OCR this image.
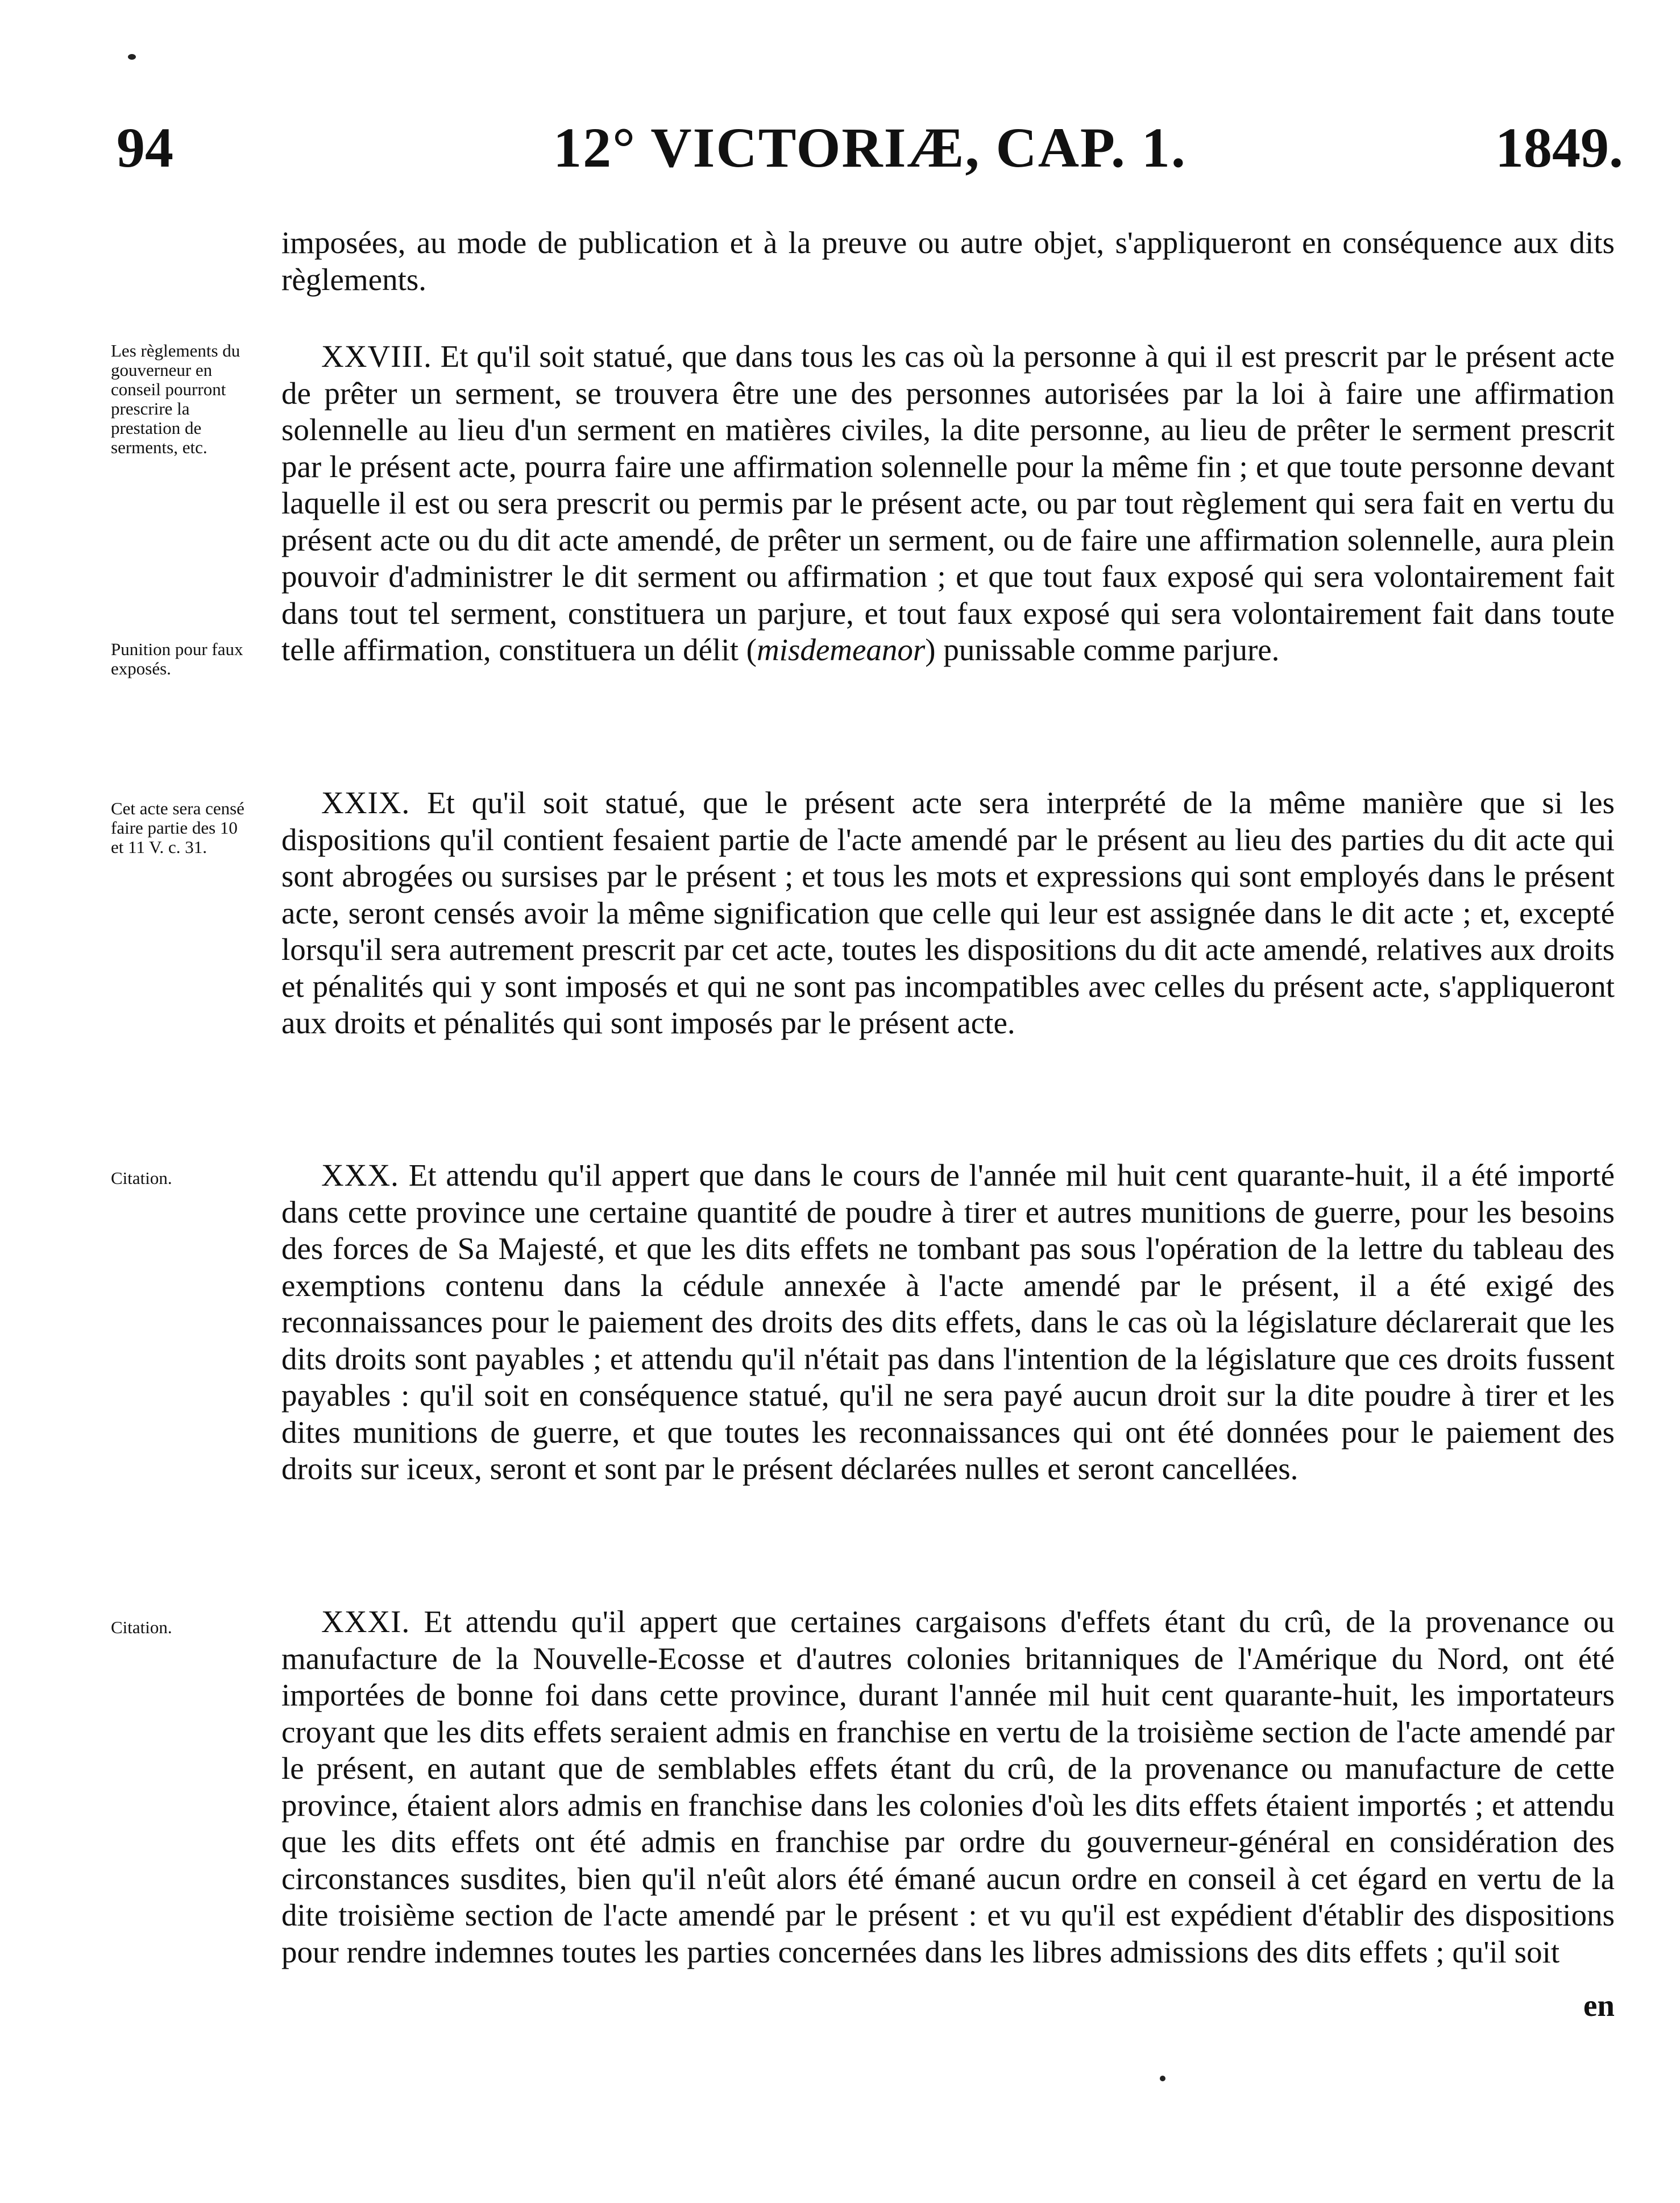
94	12° VICTORIÆ, CAP. 1.	1849.

imposées, au mode de publication et à la preuve ou autre objet, s'appliqueront en conséquence aux dits règlements.

Les règlements du gouverneur en conseil pourront prescrire la prestation de serments, etc.

Punition pour faux exposés.

XXVIII. Et qu'il soit statué, que dans tous les cas où la personne à qui il est prescrit par le présent acte de prêter un serment, se trouvera être une des personnes autorisées par la loi à faire une affirmation solennelle au lieu d'un serment en matières civiles, la dite personne, au lieu de prêter le serment prescrit par le présent acte, pourra faire une affirmation solennelle pour la même fin ; et que toute personne devant laquelle il est ou sera prescrit ou permis par le présent acte, ou par tout règlement qui sera fait en vertu du présent acte ou du dit acte amendé, de prêter un serment, ou de faire une affirmation solennelle, aura plein pouvoir d'administrer le dit serment ou affirmation ; et que tout faux exposé qui sera volontairement fait dans tout tel serment, constituera un parjure, et tout faux exposé qui sera volontairement fait dans toute telle affirmation, constituera un délit (misdemeanor) punissable comme parjure.

Cet acte sera censé faire partie des 10 et 11 V. c. 31.

XXIX. Et qu'il soit statué, que le présent acte sera interprété de la même manière que si les dispositions qu'il contient fesaient partie de l'acte amendé par le présent au lieu des parties du dit acte qui sont abrogées ou sursises par le présent ; et tous les mots et expressions qui sont employés dans le présent acte, seront censés avoir la même signification que celle qui leur est assignée dans le dit acte ; et, excepté lorsqu'il sera autrement prescrit par cet acte, toutes les dispositions du dit acte amendé, relatives aux droits et pénalités qui y sont imposés et qui ne sont pas incompatibles avec celles du présent acte, s'appliqueront aux droits et pénalités qui sont imposés par le présent acte.

Citation.	XXX. Et attendu qu'il appert que dans le cours de l'année mil huit cent quarante-huit, il a été importé dans cette province une certaine quantité de poudre à tirer et autres munitions de guerre, pour les besoins des forces de Sa Majesté, et que les dits effets ne tombant pas sous l'opération de la lettre du tableau des exemptions contenu dans la cédule annexée à l'acte amendé par le présent, il a été exigé des reconnaissances pour le paiement des droits des dits effets, dans le cas où la législature déclarerait que les dits droits sont payables ; et attendu qu'il n'était pas dans l'intention de la législature que ces droits fussent payables : qu'il soit en conséquence statué, qu'il ne sera payé aucun droit sur la dite poudre à tirer et les dites munitions de guerre, et que toutes les reconnaissances qui ont été données pour le paiement des droits sur iceux, seront et sont par le présent déclarées nulles et seront cancellées.

Citation.	XXXI. Et attendu qu'il appert que certaines cargaisons d'effets étant du crû, de la provenance ou manufacture de la Nouvelle-Ecosse et d'autres colonies britanniques de l'Amérique du Nord, ont été importées de bonne foi dans cette province, durant l'année mil huit cent quarante-huit, les importateurs croyant que les dits effets seraient admis en franchise en vertu de la troisième section de l'acte amendé par le présent, en autant que de semblables effets étant du crû, de la provenance ou manufacture de cette province, étaient alors admis en franchise dans les colonies d'où les dits effets étaient importés ; et attendu que les dits effets ont été admis en franchise par ordre du gouverneur-général en considération des circonstances susdites, bien qu'il n'eût alors été émané aucun ordre en conseil à cet égard en vertu de la dite troisième section de l'acte amendé par le présent : et vu qu'il est expédient d'établir des dispositions pour rendre indemnes toutes les parties concernées dans les libres admissions des dits effets ; qu'il soit

en
